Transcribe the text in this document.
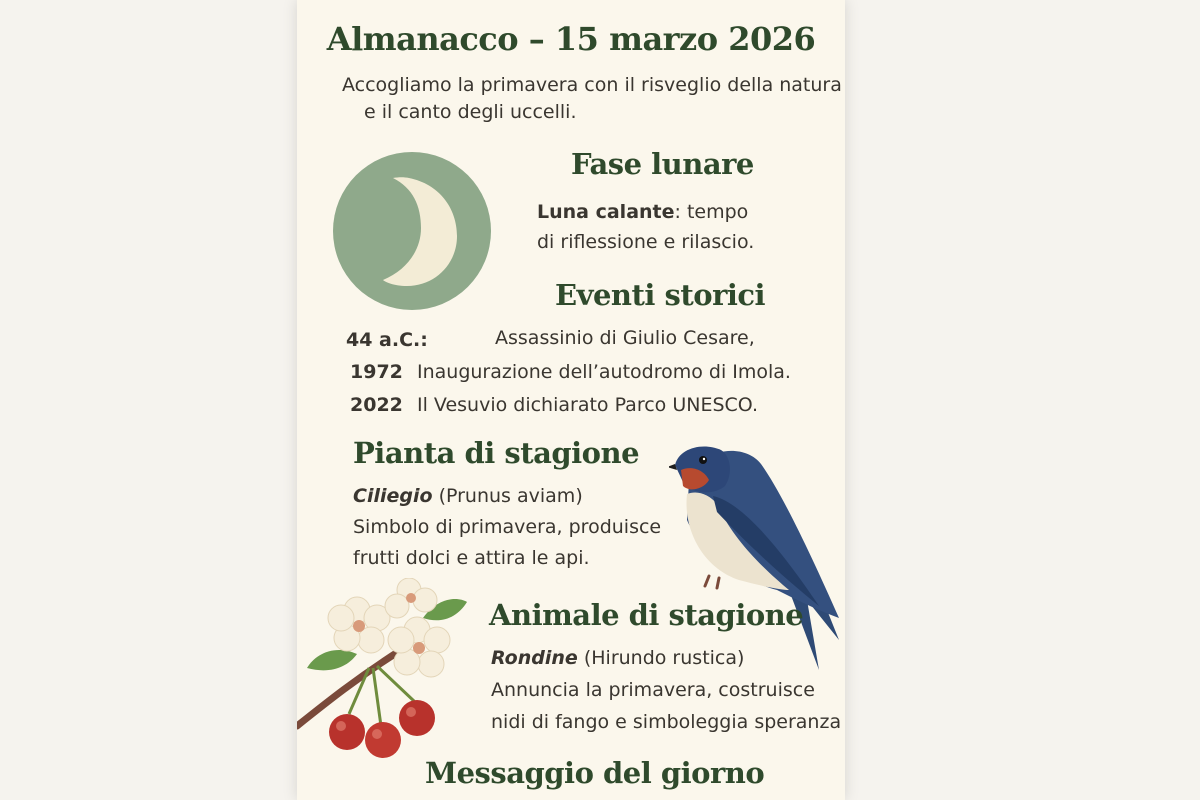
Almanacco – 15 marzo 2026
Accogliamo la primavera con il risveglio della natura
e il canto degli uccelli.
Fase lunare
Luna calante: tempo
di riflessione e rilascio.
Eventi storici
44 a.C.:	Assassinio di Giulio Cesare,
1972 Inaugurazione dell’autodromo di Imola.
2022 Il Vesuvio dichiarato Parco UNESCO.
Pianta di stagione
Ciliegio (Prunus aviam)
Simbolo di primavera, produisce
frutti dolci e attira le api.
Animale di stagione
Rondine (Hirundo rustica)
Annuncia la primavera, costruisce
nidi di fango e simboleggia speranza
Messaggio del giorno
